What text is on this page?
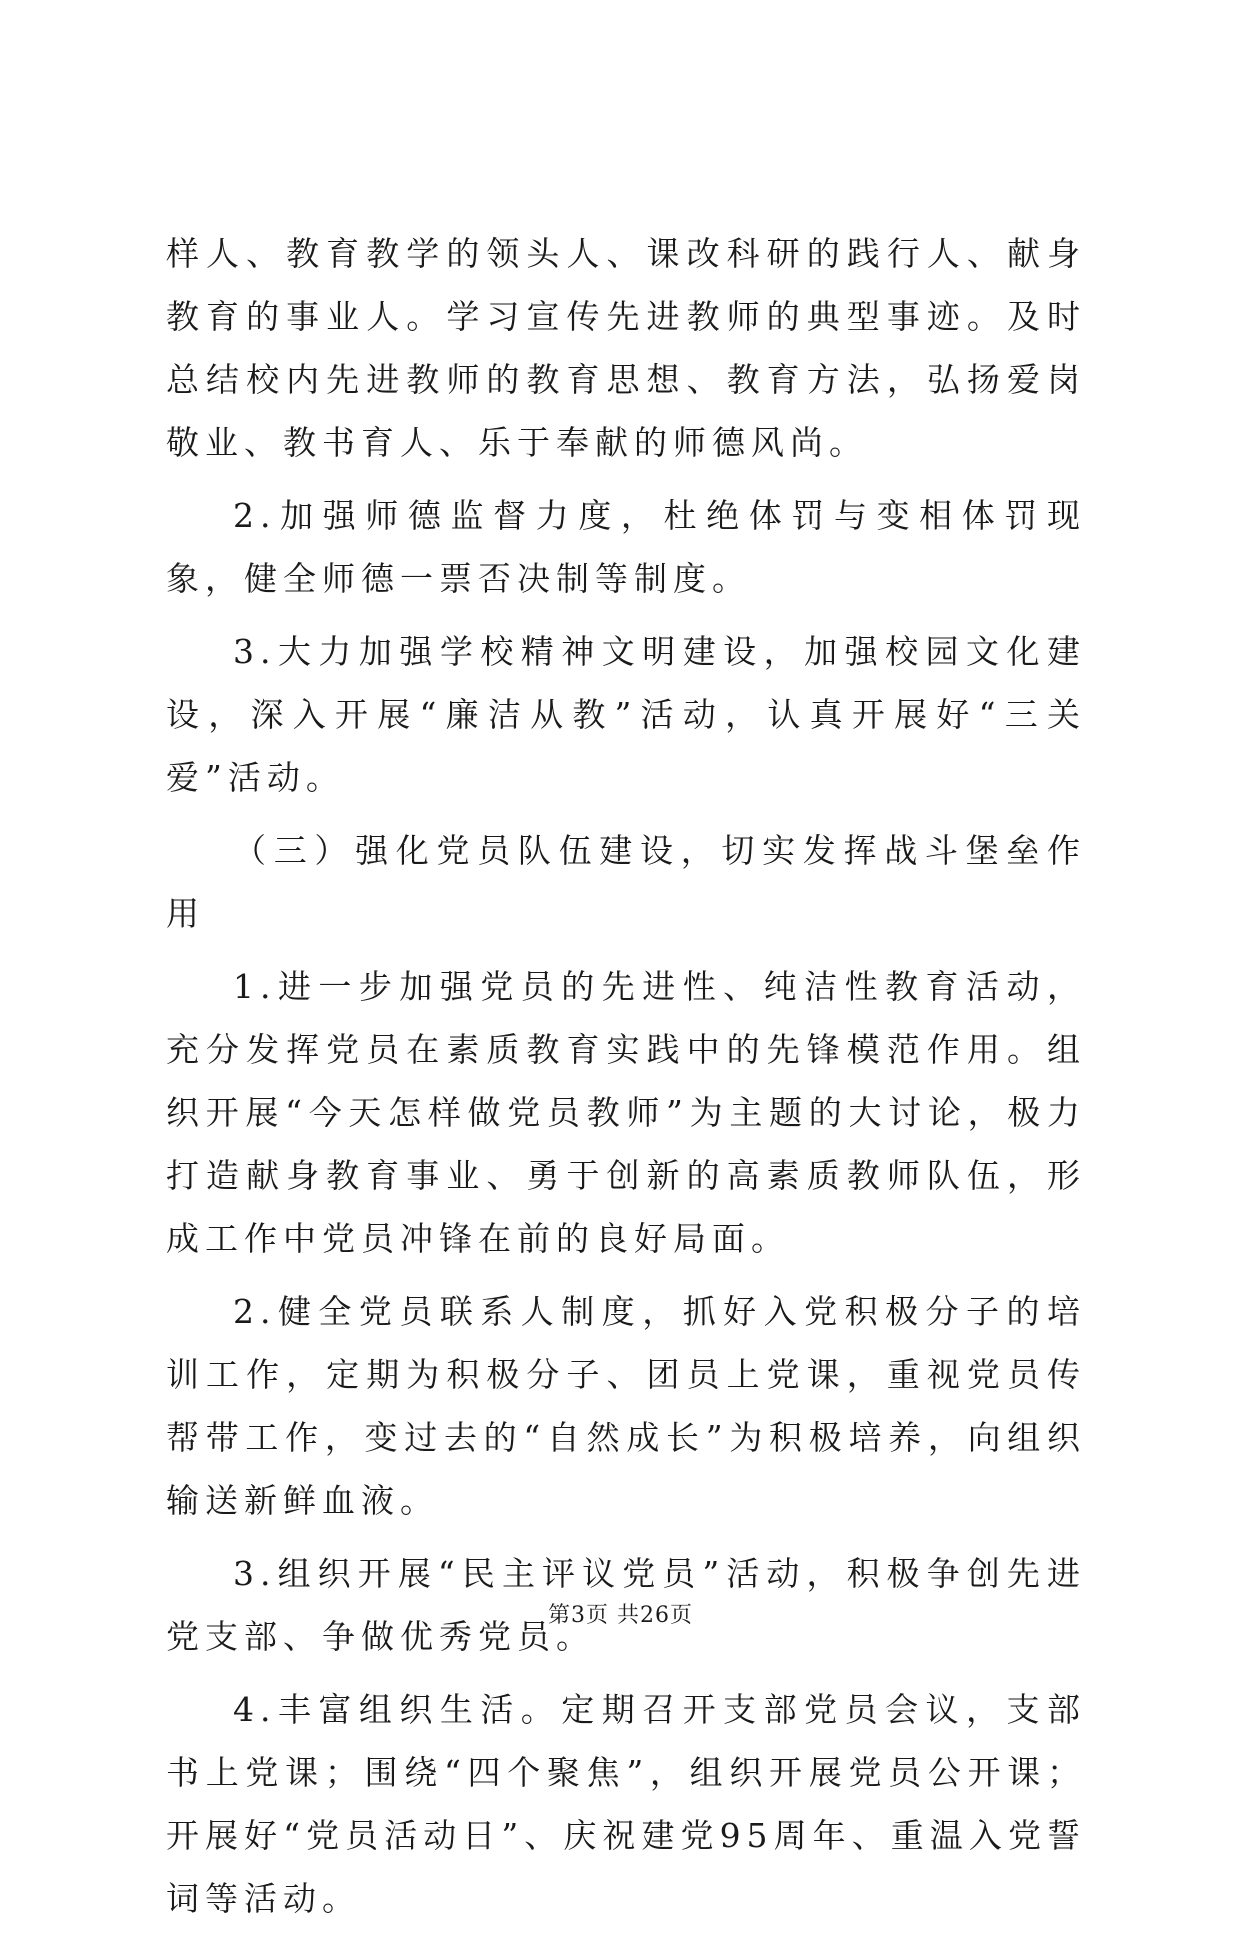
样人、教育教学的领头人、课改科研的践行人、献身教育的事业人。学习宣传先进教师的典型事迹。及时总结校内先进教师的教育思想、教育方法，弘扬爱岗敬业、教书育人、乐于奉献的师德风尚。

2.加强师德监督力度，杜绝体罚与变相体罚现象，健全师德一票否决制等制度。

3.大力加强学校精神文明建设，加强校园文化建设，深入开展“廉洁从教”活动，认真开展好“三关爱”活动。

（三）强化党员队伍建设，切实发挥战斗堡垒作用

1.进一步加强党员的先进性、纯洁性教育活动，充分发挥党员在素质教育实践中的先锋模范作用。组织开展“今天怎样做党员教师”为主题的大讨论，极力打造献身教育事业、勇于创新的高素质教师队伍，形成工作中党员冲锋在前的良好局面。

2.健全党员联系人制度，抓好入党积极分子的培训工作，定期为积极分子、团员上党课，重视党员传帮带工作，变过去的“自然成长”为积极培养，向组织输送新鲜血液。

3.组织开展“民主评议党员”活动，积极争创先进党支部、争做优秀党员。

4.丰富组织生活。定期召开支部党员会议，支部书上党课；围绕“四个聚焦”，组织开展党员公开课；开展好“党员活动日”、庆祝建党95周年、重温入党誓词等活动。

第3页 共26页
